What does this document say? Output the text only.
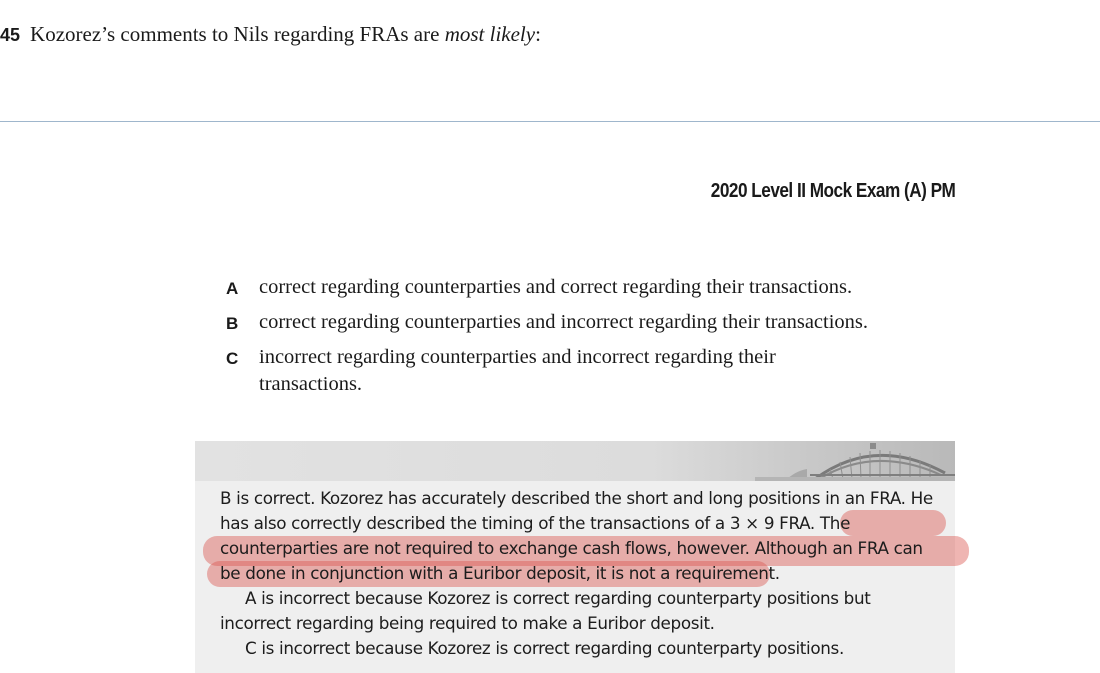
45 Kozorez’s comments to Nils regarding FRAs are most likely:
2020 Level II Mock Exam (A) PM
A	correct regarding counterparties and correct regarding their transactions.
B	correct regarding counterparties and incorrect regarding their transactions.
C	incorrect regarding counterparties and incorrect regarding their transactions.

B is correct. Kozorez has accurately described the short and long positions in an FRA. He has also correctly described the timing of the transactions of a 3 × 9 FRA. The counterparties are not required to exchange cash flows, however. Although an FRA can be done in conjunction with a Euribor deposit, it is not a requirement.

A is incorrect because Kozorez is correct regarding counterparty positions but incorrect regarding being required to make a Euribor deposit.

C is incorrect because Kozorez is correct regarding counterparty positions.
